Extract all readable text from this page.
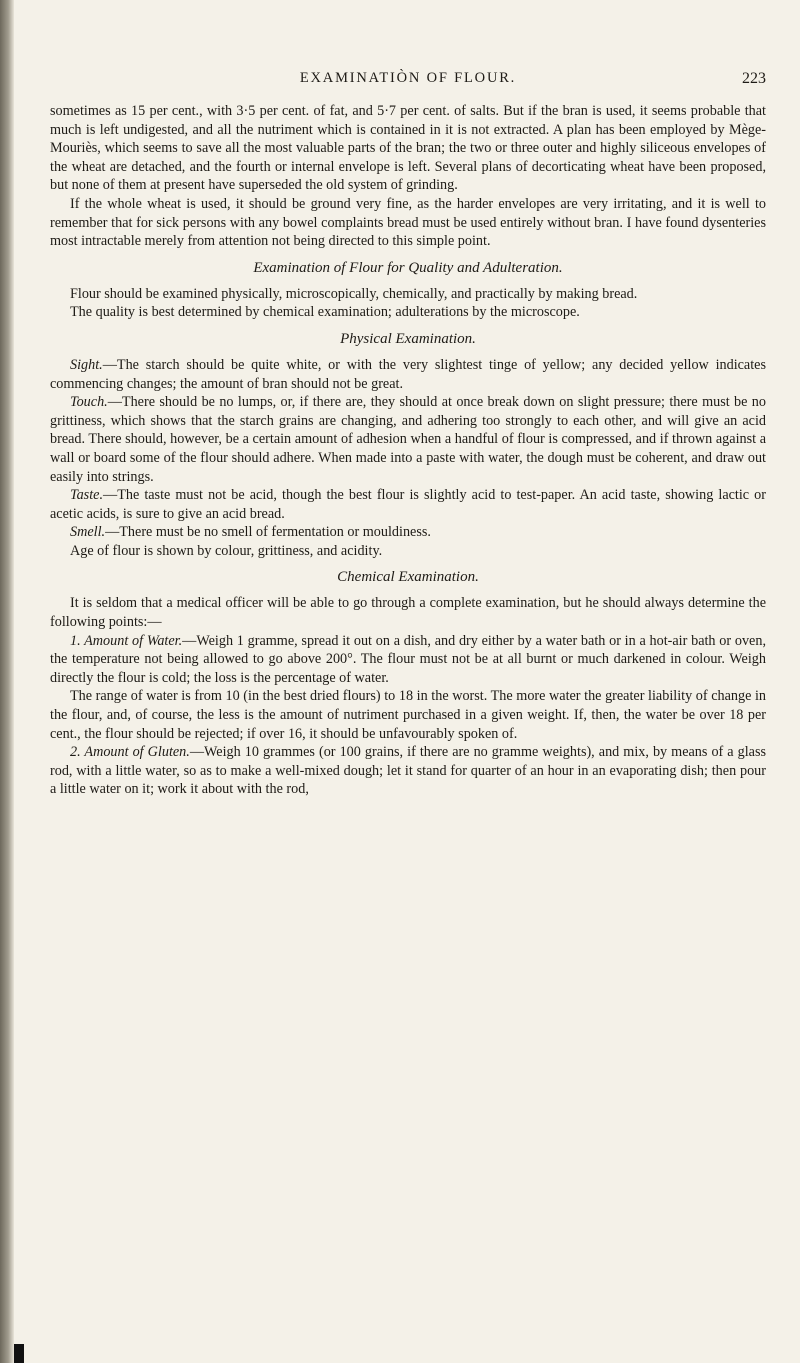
EXAMINATIÒN OF FLOUR.	223

sometimes as 15 per cent., with 3·5 per cent. of fat, and 5·7 per cent. of salts. But if the bran is used, it seems probable that much is left undigested, and all the nutriment which is contained in it is not extracted. A plan has been employed by Mège-Mouriès, which seems to save all the most valuable parts of the bran; the two or three outer and highly siliceous envelopes of the wheat are detached, and the fourth or internal envelope is left. Several plans of decorticating wheat have been proposed, but none of them at present have superseded the old system of grinding.

If the whole wheat is used, it should be ground very fine, as the harder envelopes are very irritating, and it is well to remember that for sick persons with any bowel complaints bread must be used entirely without bran. I have found dysenteries most intractable merely from attention not being directed to this simple point.

Examination of Flour for Quality and Adulteration.

Flour should be examined physically, microscopically, chemically, and practically by making bread.

The quality is best determined by chemical examination; adulterations by the microscope.

Physical Examination.

Sight.—The starch should be quite white, or with the very slightest tinge of yellow; any decided yellow indicates commencing changes; the amount of bran should not be great.

Touch.—There should be no lumps, or, if there are, they should at once break down on slight pressure; there must be no grittiness, which shows that the starch grains are changing, and adhering too strongly to each other, and will give an acid bread. There should, however, be a certain amount of adhesion when a handful of flour is compressed, and if thrown against a wall or board some of the flour should adhere. When made into a paste with water, the dough must be coherent, and draw out easily into strings.

Taste.—The taste must not be acid, though the best flour is slightly acid to test-paper. An acid taste, showing lactic or acetic acids, is sure to give an acid bread.

Smell.—There must be no smell of fermentation or mouldiness.

Age of flour is shown by colour, grittiness, and acidity.

Chemical Examination.

It is seldom that a medical officer will be able to go through a complete examination, but he should always determine the following points:—

1. Amount of Water.—Weigh 1 gramme, spread it out on a dish, and dry either by a water bath or in a hot-air bath or oven, the temperature not being allowed to go above 200°. The flour must not be at all burnt or much darkened in colour. Weigh directly the flour is cold; the loss is the percentage of water.

The range of water is from 10 (in the best dried flours) to 18 in the worst. The more water the greater liability of change in the flour, and, of course, the less is the amount of nutriment purchased in a given weight. If, then, the water be over 18 per cent., the flour should be rejected; if over 16, it should be unfavourably spoken of.

2. Amount of Gluten.—Weigh 10 grammes (or 100 grains, if there are no gramme weights), and mix, by means of a glass rod, with a little water, so as to make a well-mixed dough; let it stand for quarter of an hour in an evaporating dish; then pour a little water on it; work it about with the rod,
